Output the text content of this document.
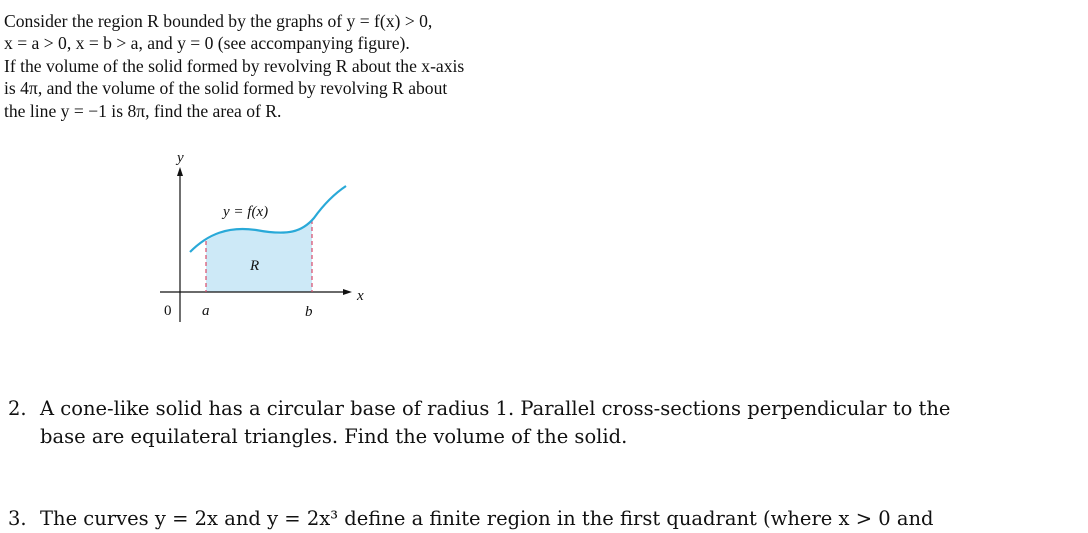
Consider the region R bounded by the graphs of y = f(x) > 0,
x = a > 0, x = b > a, and y = 0 (see accompanying figure).
If the volume of the solid formed by revolving R about the x-axis
is 4π, and the volume of the solid formed by revolving R about
the line y = −1 is 8π, find the area of R.
y
x
y = f(x)
R
0 a	b
2. A cone-like solid has a circular base of radius 1. Parallel cross-sections perpendicular to the
base are equilateral triangles. Find the volume of the solid.
3. The curves y = 2x and y = 2x³ define a finite region in the first quadrant (where x > 0 and
